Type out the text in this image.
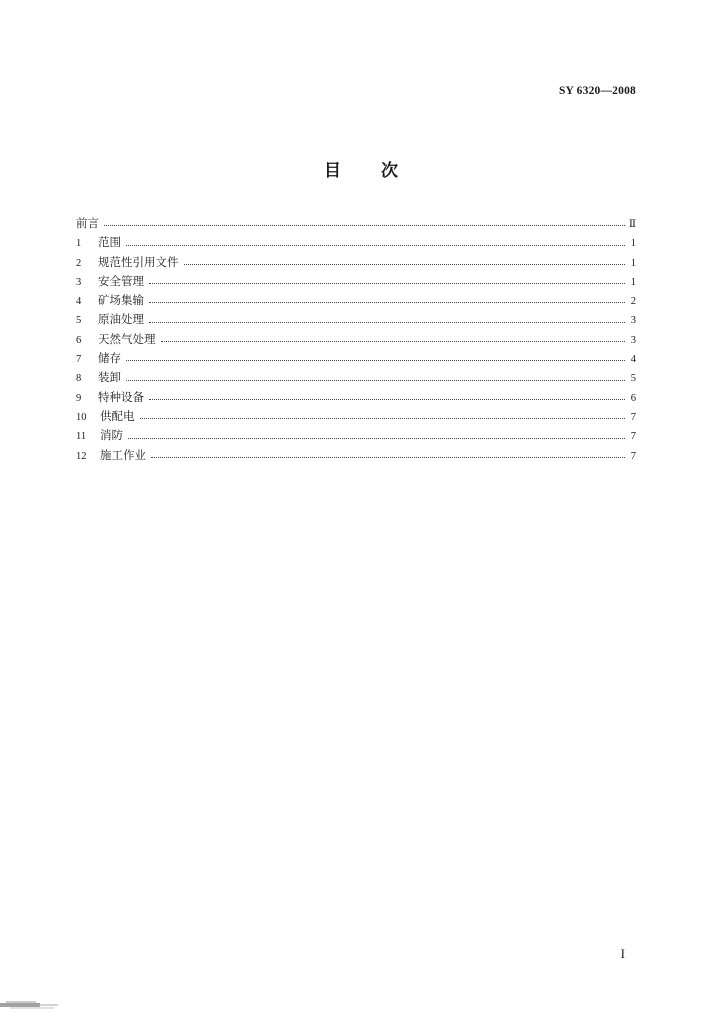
SY 6320—2008
目 次
前言	Ⅱ
1	范围	1
2	规范性引用文件	1
3	安全管理	1
4	矿场集输	2
5	原油处理	3
6	天然气处理	3
7	储存	4
8	装卸	5
9	特种设备	6
10	供配电	7
11	消防	7
12	施工作业	7
I
